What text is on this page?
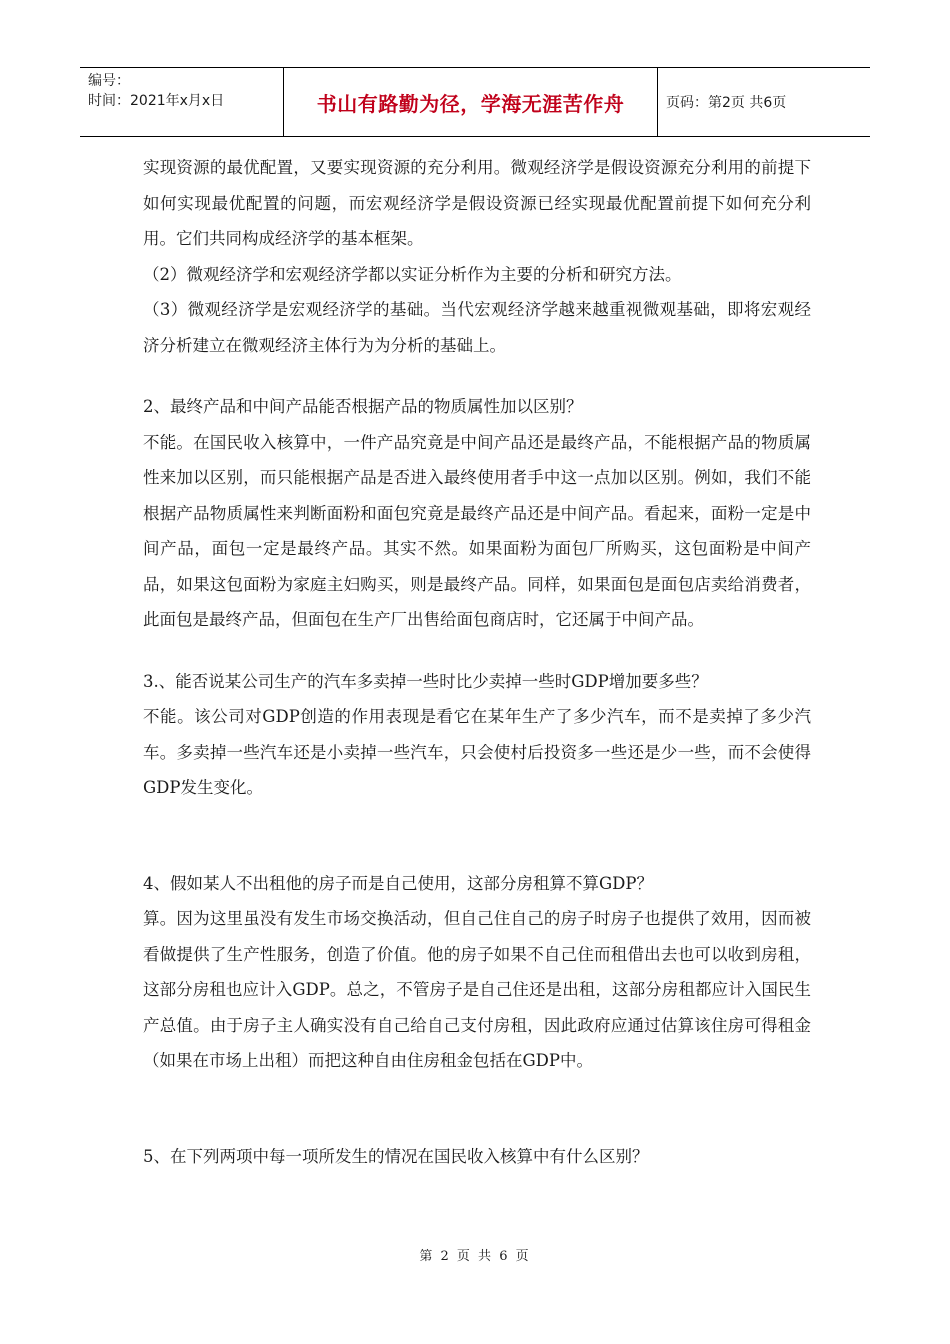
编号：
时间：2021年x月x日	书山有路勤为径，学海无涯苦作舟	页码：第2页 共6页

实现资源的最优配置，又要实现资源的充分利用。微观经济学是假设资源充分利用的前提下如何实现最优配置的问题，而宏观经济学是假设资源已经实现最优配置前提下如何充分利用。它们共同构成经济学的基本框架。

（2）微观经济学和宏观经济学都以实证分析作为主要的分析和研究方法。

（3）微观经济学是宏观经济学的基础。当代宏观经济学越来越重视微观基础，即将宏观经济分析建立在微观经济主体行为为分析的基础上。

2、最终产品和中间产品能否根据产品的物质属性加以区别？

不能。在国民收入核算中，一件产品究竟是中间产品还是最终产品，不能根据产品的物质属性来加以区别，而只能根据产品是否进入最终使用者手中这一点加以区别。例如，我们不能根据产品物质属性来判断面粉和面包究竟是最终产品还是中间产品。看起来，面粉一定是中间产品，面包一定是最终产品。其实不然。如果面粉为面包厂所购买，这包面粉是中间产品，如果这包面粉为家庭主妇购买，则是最终产品。同样，如果面包是面包店卖给消费者，此面包是最终产品，但面包在生产厂出售给面包商店时，它还属于中间产品。

3.、能否说某公司生产的汽车多卖掉一些时比少卖掉一些时GDP增加要多些？

不能。该公司对GDP创造的作用表现是看它在某年生产了多少汽车，而不是卖掉了多少汽车。多卖掉一些汽车还是小卖掉一些汽车，只会使村后投资多一些还是少一些，而不会使得GDP发生变化。

4、假如某人不出租他的房子而是自己使用，这部分房租算不算GDP？

算。因为这里虽没有发生市场交换活动，但自己住自己的房子时房子也提供了效用，因而被看做提供了生产性服务，创造了价值。他的房子如果不自己住而租借出去也可以收到房租，这部分房租也应计入GDP。总之，不管房子是自己住还是出租，这部分房租都应计入国民生产总值。由于房子主人确实没有自己给自己支付房租，因此政府应通过估算该住房可得租金（如果在市场上出租）而把这种自由住房租金包括在GDP中。

5、在下列两项中每一项所发生的情况在国民收入核算中有什么区别？

第 2 页 共 6 页
